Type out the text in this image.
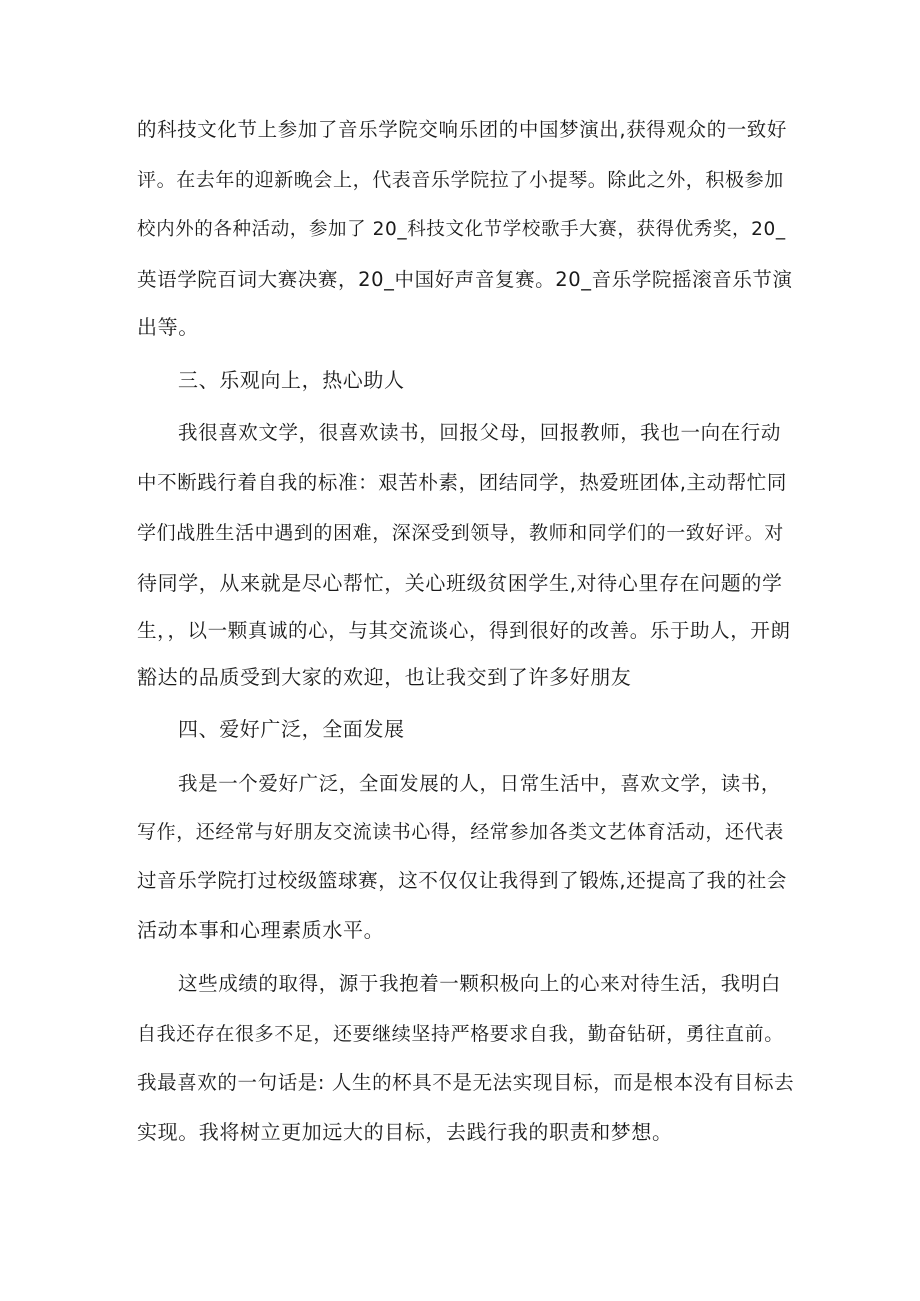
的科技文化节上参加了音乐学院交响乐团的中国梦演出,获得观众的一致好

评。在去年的迎新晚会上，代表音乐学院拉了小提琴。除此之外，积极参加

校内外的各种活动，参加了 20_科技文化节学校歌手大赛，获得优秀奖，20_

英语学院百词大赛决赛，20_中国好声音复赛。20_音乐学院摇滚音乐节演

出等。

三、乐观向上，热心助人

我很喜欢文学，很喜欢读书，回报父母，回报教师，我也一向在行动

中不断践行着自我的标准：艰苦朴素，团结同学，热爱班团体,主动帮忙同

学们战胜生活中遇到的困难，深深受到领导，教师和同学们的一致好评。对

待同学，从来就是尽心帮忙，关心班级贫困学生,对待心里存在问题的学

生，，以一颗真诚的心，与其交流谈心，得到很好的改善。乐于助人，开朗

豁达的品质受到大家的欢迎，也让我交到了许多好朋友

四、爱好广泛，全面发展

我是一个爱好广泛，全面发展的人，日常生活中，喜欢文学，读书，

写作，还经常与好朋友交流读书心得，经常参加各类文艺体育活动，还代表

过音乐学院打过校级篮球赛，这不仅仅让我得到了锻炼,还提高了我的社会

活动本事和心理素质水平。

这些成绩的取得，源于我抱着一颗积极向上的心来对待生活，我明白

自我还存在很多不足，还要继续坚持严格要求自我，勤奋钻研，勇往直前。

我最喜欢的一句话是: 人生的杯具不是无法实现目标，而是根本没有目标去

实现。我将树立更加远大的目标，去践行我的职责和梦想。
